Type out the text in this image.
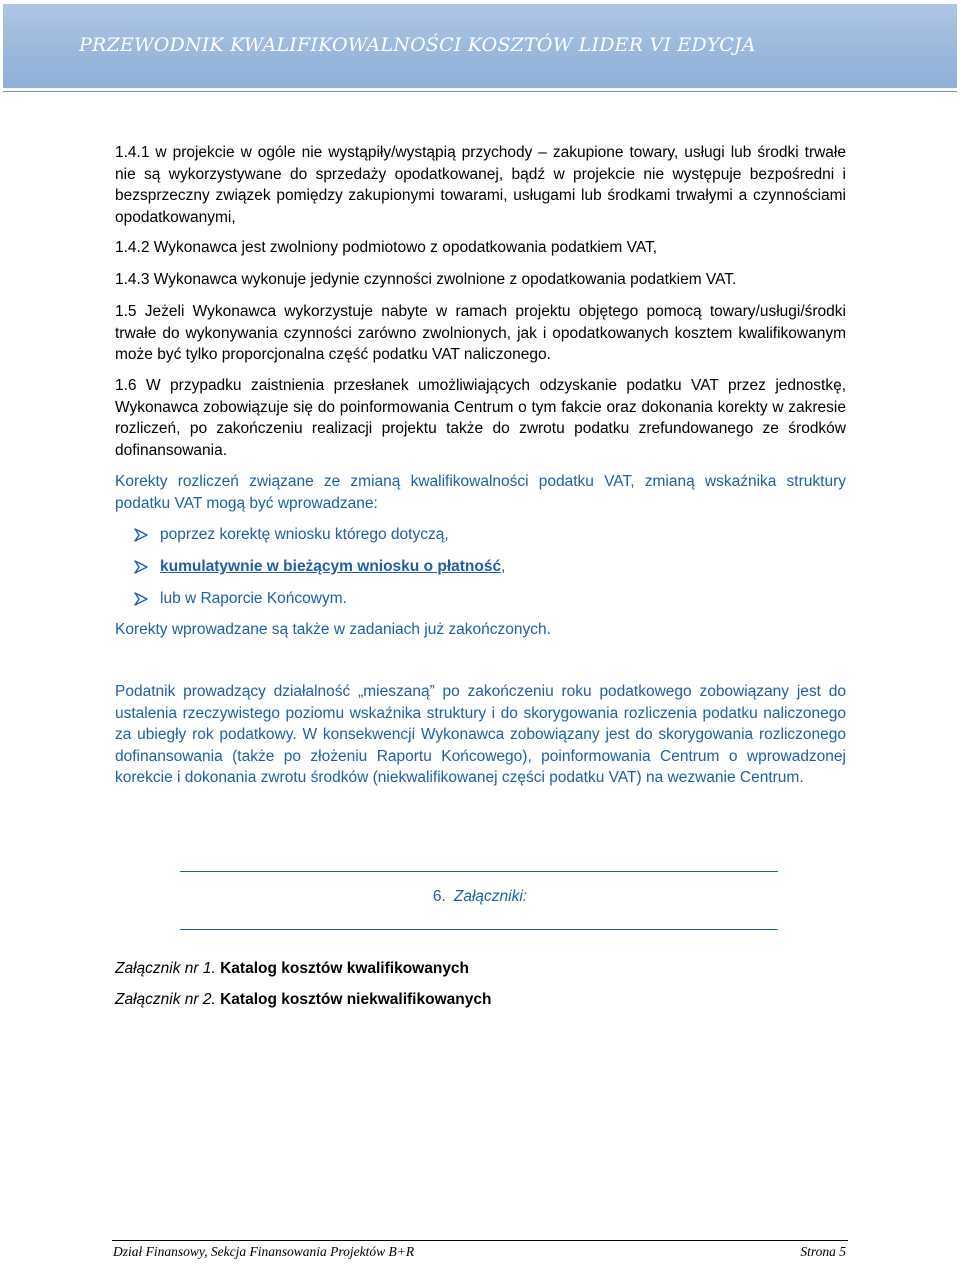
PRZEWODNIK KWALIFIKOWALNOŚCI KOSZTÓW LIDER VI EDYCJA
1.4.1 w projekcie w ogóle nie wystąpiły/wystąpią przychody – zakupione towary, usługi lub środki trwałe nie są wykorzystywane do sprzedaży opodatkowanej, bądź w projekcie nie występuje bezpośredni i bezsprzeczny związek pomiędzy zakupionymi towarami, usługami lub środkami trwałymi a czynnościami opodatkowanymi,
1.4.2 Wykonawca jest zwolniony podmiotowo z opodatkowania podatkiem VAT,
1.4.3 Wykonawca wykonuje jedynie czynności zwolnione z opodatkowania podatkiem VAT.
1.5 Jeżeli Wykonawca wykorzystuje nabyte w ramach projektu objętego pomocą towary/usługi/środki trwałe do wykonywania czynności zarówno zwolnionych, jak i opodatkowanych kosztem kwalifikowanym może być tylko proporcjonalna część podatku VAT naliczonego.
1.6 W przypadku zaistnienia przesłanek umożliwiających odzyskanie podatku VAT przez jednostkę, Wykonawca zobowiązuje się do poinformowania Centrum o tym fakcie oraz dokonania korekty w zakresie rozliczeń, po zakończeniu realizacji projektu także do zwrotu podatku zrefundowanego ze środków dofinansowania.
Korekty rozliczeń związane ze zmianą kwalifikowalności podatku VAT, zmianą wskaźnika struktury podatku VAT mogą być wprowadzane:
poprzez korektę wniosku którego dotyczą,
kumulatywnie w bieżącym wniosku o płatność,
lub w Raporcie Końcowym.
Korekty wprowadzane są także w zadaniach już zakończonych.
Podatnik prowadzący działalność „mieszaną” po zakończeniu roku podatkowego zobowiązany jest do ustalenia rzeczywistego poziomu wskaźnika struktury i do skorygowania rozliczenia podatku naliczonego za ubiegły rok podatkowy. W konsekwencji Wykonawca zobowiązany jest do skorygowania rozliczonego dofinansowania (także po złożeniu Raportu Końcowego), poinformowania Centrum o wprowadzonej korekcie i dokonania zwrotu środków (niekwalifikowanej części podatku VAT) na wezwanie Centrum.
6. Załączniki:
Załącznik nr 1. Katalog kosztów kwalifikowanych
Załącznik nr 2. Katalog kosztów niekwalifikowanych
Dział Finansowy, Sekcja Finansowania Projektów B+R	Strona 5
